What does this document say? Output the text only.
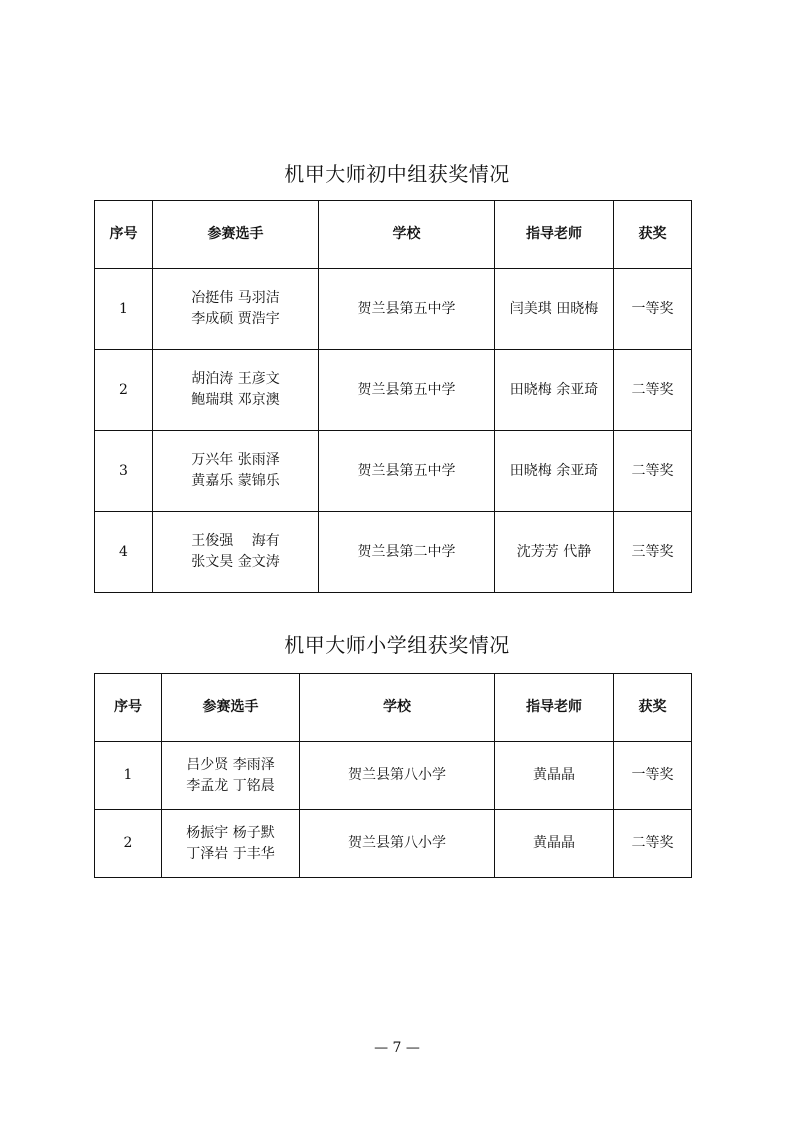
机甲大师初中组获奖情况
序号	参赛选手	学校	指导老师	获奖
1	冶挺伟 马羽洁
李成硕 贾浩宇	贺兰县第五中学	闫美琪 田晓梅	一等奖
2	胡泊涛 王彦文
鲍瑞琪 邓京澳	贺兰县第五中学	田晓梅 余亚琦	二等奖
3	万兴年 张雨泽
黄嘉乐 蒙锦乐	贺兰县第五中学	田晓梅 余亚琦	二等奖
4	王俊强 　海有
张文昊 金文涛	贺兰县第二中学	沈芳芳 代静	三等奖
机甲大师小学组获奖情况
序号	参赛选手	学校	指导老师	获奖
1	吕少贤 李雨泽
李孟龙 丁铭晨	贺兰县第八小学	黄晶晶	一等奖
2	杨振宇 杨子默
丁泽岩 于丰华	贺兰县第八小学	黄晶晶	二等奖
— 7 —
